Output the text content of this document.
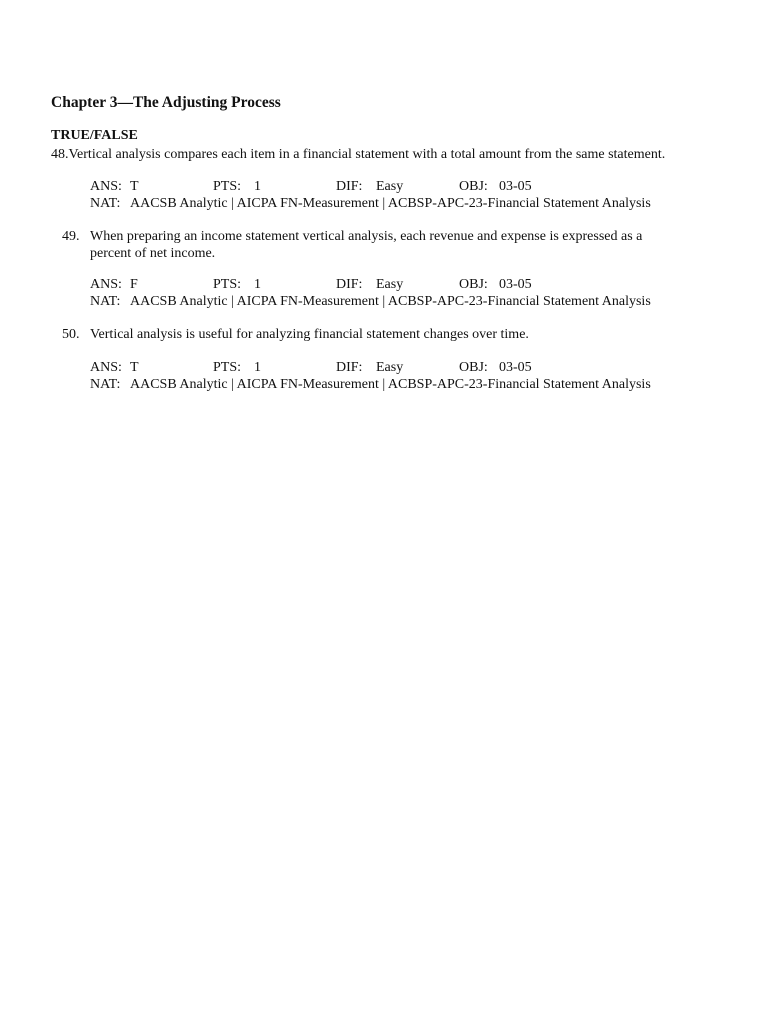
Chapter 3—The Adjusting Process
TRUE/FALSE
48.Vertical analysis compares each item in a financial statement with a total amount from the same statement.
ANS: T	PTS: 1	DIF: Easy	OBJ: 03-05
NAT: AACSB Analytic | AICPA FN-Measurement | ACBSP-APC-23-Financial Statement Analysis
49. When preparing an income statement vertical analysis, each revenue and expense is expressed as a
percent of net income.
ANS: F	PTS: 1	DIF: Easy	OBJ: 03-05
NAT: AACSB Analytic | AICPA FN-Measurement | ACBSP-APC-23-Financial Statement Analysis
50. Vertical analysis is useful for analyzing financial statement changes over time.
ANS: T	PTS: 1	DIF: Easy	OBJ: 03-05
NAT: AACSB Analytic | AICPA FN-Measurement | ACBSP-APC-23-Financial Statement Analysis
